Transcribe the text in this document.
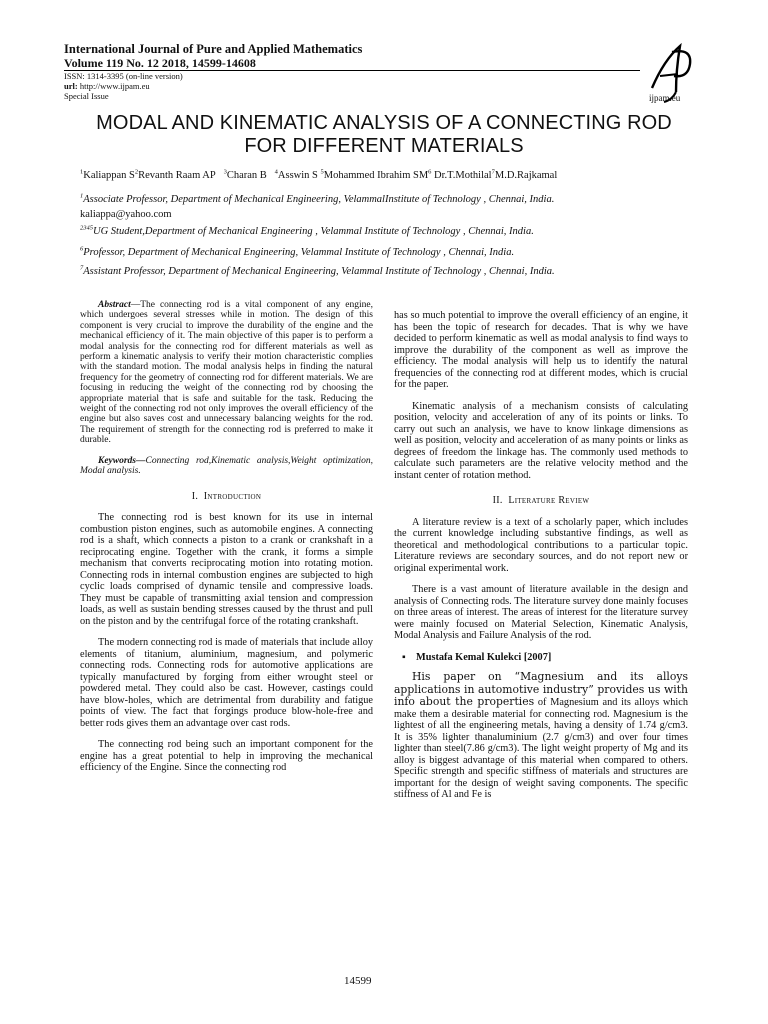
International Journal of Pure and Applied Mathematics
Volume 119 No. 12 2018, 14599-14608
ISSN: 1314-3395 (on-line version)
url: http://www.ijpam.eu
Special Issue	ijpam.eu
MODAL AND KINEMATIC ANALYSIS OF A CONNECTING ROD
FOR DIFFERENT MATERIALS
$^1$Kaliappan $S^2Revanth$ Raam AP $^3$Charan B $^4$Asswin S $^5$Mohammed Ibrahim $SM^6$ Dr.T.Mothilal$^7$M.D.Rajkamal
$^1$Associate Professor, Department of Mechanical Engineering, VelammalInstitute of Technology , Chennai, India.
kaliappa@yahoo.com
$^{2345}$UG Student,Department of Mechanical Engineering , Velammal Institute of Technology , Chennai, India.
$^6$Professor, Department of Mechanical Engineering, Velammal Institute of Technology , Chennai, India.
$^7$Assistant Professor, Department of Mechanical Engineering, Velammal Institute of Technology , Chennai, India.

Abstract—The connecting rod is a vital component of any engine, which undergoes several stresses while in motion. The design of this component is very crucial to improve the durability of the engine and the mechanical efficiency of it. The main objective of this paper is to perform a modal analysis for the connecting rod for different materials as well as perform a kinematic analysis to verify their motion characteristic complies with the standard motion. The modal analysis helps in finding the natural frequency for the geometry of connecting rod for different materials. We are focusing in reducing the weight of the connecting rod by choosing the appropriate material that is safe and suitable for the task. Reducing the weight of the connecting rod not only improves the overall efficiency of the engine but also saves cost and unnecessary balancing weights for the rod. The requirement of strength for the connecting rod is preferred to make it durable.

Keywords—Connecting rod,Kinematic analysis,Weight optimization, Modal analysis.

I. Introduction

The connecting rod is best known for its use in internal combustion piston engines, such as automobile engines. A connecting rod is a shaft, which connects a piston to a crank or crankshaft in a reciprocating engine. Together with the crank, it forms a simple mechanism that converts reciprocating motion into rotating motion. Connecting rods in internal combustion engines are subjected to high cyclic loads comprised of dynamic tensile and compressive loads. They must be capable of transmitting axial tension and compression loads, as well as sustain bending stresses caused by the thrust and pull on the piston and by the centrifugal force of the rotating crankshaft.

The modern connecting rod is made of materials that include alloy elements of titanium, aluminium, magnesium, and polymeric connecting rods. Connecting rods for automotive applications are typically manufactured by forging from either wrought steel or powdered metal. They could also be cast. However, castings could have blow-holes, which are detrimental from durability and fatigue points of view. The fact that forgings produce blow-hole-free and better rods gives them an advantage over cast rods.

The connecting rod being such an important component for the engine has a great potential to help in improving the mechanical efficiency of the Engine. Since the connecting rod

has so much potential to improve the overall efficiency of an engine, it has been the topic of research for decades. That is why we have decided to perform kinematic as well as modal analysis to find ways to improve the durability of the component as well as improve the efficiency. The modal analysis will help us to identify the natural frequencies of the connecting rod at different modes, which is crucial for the paper.

Kinematic analysis of a mechanism consists of calculating position, velocity and acceleration of any of its points or links. To carry out such an analysis, we have to know linkage dimensions as well as position, velocity and acceleration of as many points or links as degrees of freedom the linkage has. The commonly used methods to calculate such parameters are the relative velocity method and the instant center of rotation method.

II. Literature Review

A literature review is a text of a scholarly paper, which includes the current knowledge including substantive findings, as well as theoretical and methodological contributions to a particular topic. Literature reviews are secondary sources, and do not report new or original experimental work.

There is a vast amount of literature available in the design and analysis of Connecting rods. The literature survey done mainly focuses on three areas of interest. The areas of interest for the literature survey were mainly focused on Material Selection, Kinematic Analysis, Modal Analysis and Failure Analysis of the rod.

▪ Mustafa Kemal Kulekci [2007]

His paper on “Magnesium and its alloys applications in automotive industry” provides us with info about the properties of Magnesium and its alloys which make them a desirable material for connecting rod. Magnesium is the lightest of all the engineering metals, having a density of 1.74 g/cm3. It is 35% lighter thanaluminium (2.7 g/cm3) and over four times lighter than steel(7.86 g/cm3). The light weight property of Mg and its alloy is biggest advantage of this material when compared to others. Specific strength and specific stiffness of materials and structures are important for the design of weight saving components. The specific stiffness of Al and Fe is

14599
